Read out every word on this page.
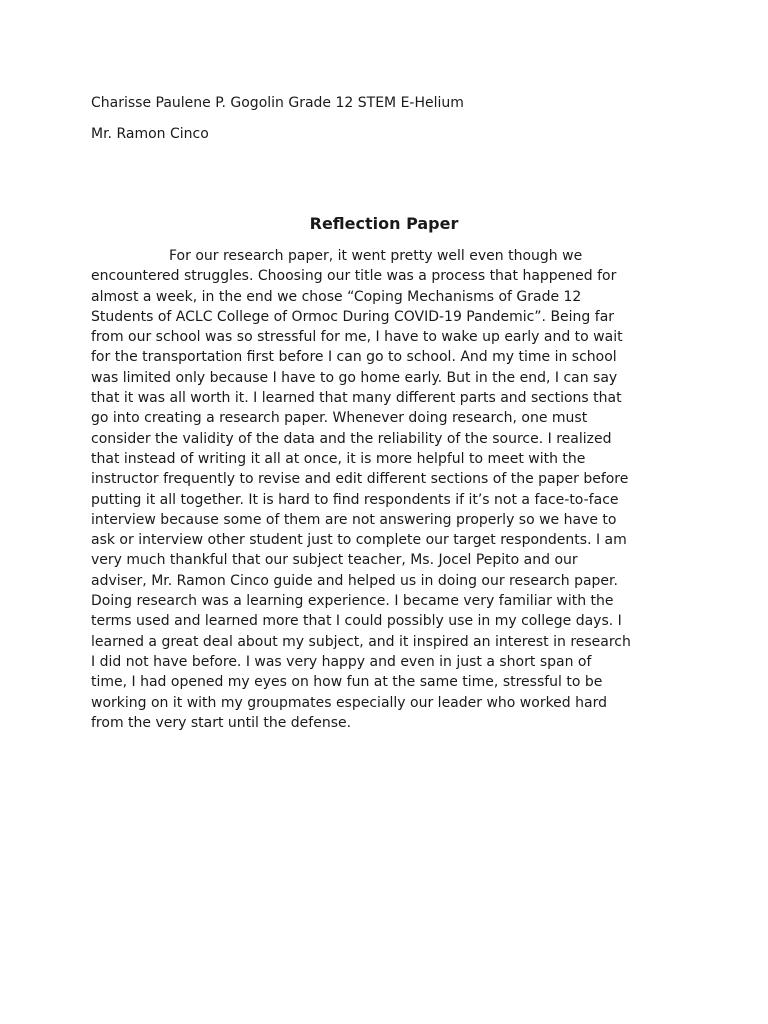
Charisse Paulene P. Gogolin Grade 12 STEM E-Helium
Mr. Ramon Cinco
Reflection Paper
For our research paper, it went pretty well even though we
encountered struggles. Choosing our title was a process that happened for
almost a week, in the end we chose “Coping Mechanisms of Grade 12
Students of ACLC College of Ormoc During COVID-19 Pandemic”. Being far
from our school was so stressful for me, I have to wake up early and to wait
for the transportation first before I can go to school. And my time in school
was limited only because I have to go home early. But in the end, I can say
that it was all worth it. I learned that many different parts and sections that
go into creating a research paper. Whenever doing research, one must
consider the validity of the data and the reliability of the source. I realized
that instead of writing it all at once, it is more helpful to meet with the
instructor frequently to revise and edit different sections of the paper before
putting it all together. It is hard to find respondents if it’s not a face-to-face
interview because some of them are not answering properly so we have to
ask or interview other student just to complete our target respondents. I am
very much thankful that our subject teacher, Ms. Jocel Pepito and our
adviser, Mr. Ramon Cinco guide and helped us in doing our research paper.
Doing research was a learning experience. I became very familiar with the
terms used and learned more that I could possibly use in my college days. I
learned a great deal about my subject, and it inspired an interest in research
I did not have before. I was very happy and even in just a short span of
time, I had opened my eyes on how fun at the same time, stressful to be
working on it with my groupmates especially our leader who worked hard
from the very start until the defense.
